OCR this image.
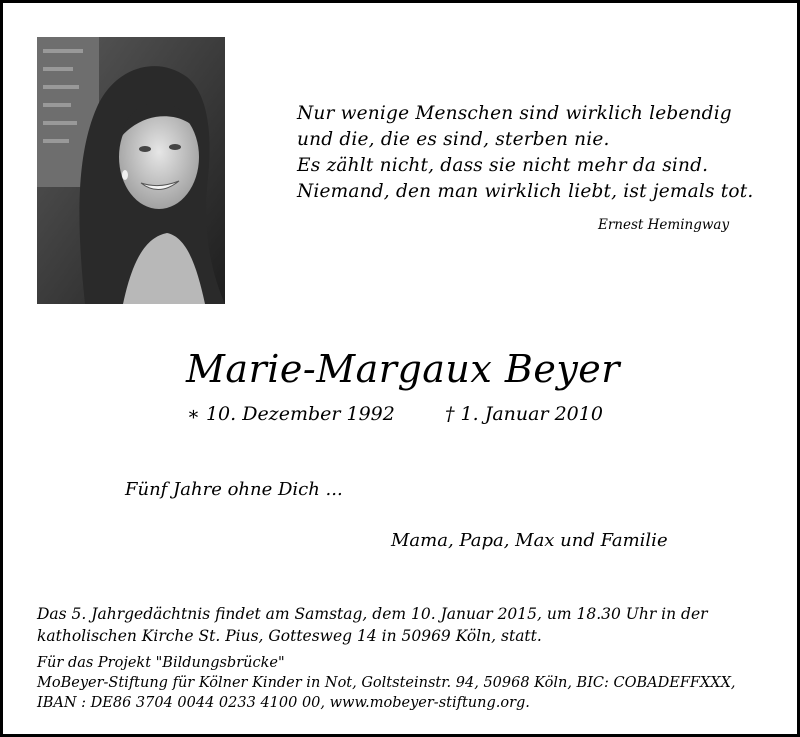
Nur wenige Menschen sind wirklich lebendig
und die, die es sind, sterben nie.
Es zählt nicht, dass sie nicht mehr da sind.
Niemand, den man wirklich liebt, ist jemals tot.
Ernest Hemingway
Marie-Margaux Beyer
∗ 10. Dezember 1992	† 1. Januar 2010
Fünf Jahre ohne Dich ...
Mama, Papa, Max und Familie
Das 5. Jahrgedächtnis findet am Samstag, dem 10. Januar 2015, um 18.30 Uhr in der
katholischen Kirche St. Pius, Gottesweg 14 in 50969 Köln, statt.
Für das Projekt "Bildungsbrücke"
MoBeyer-Stiftung für Kölner Kinder in Not, Goltsteinstr. 94, 50968 Köln, BIC: COBADEFFXXX,
IBAN : DE86 3704 0044 0233 4100 00, www.mobeyer-stiftung.org.
